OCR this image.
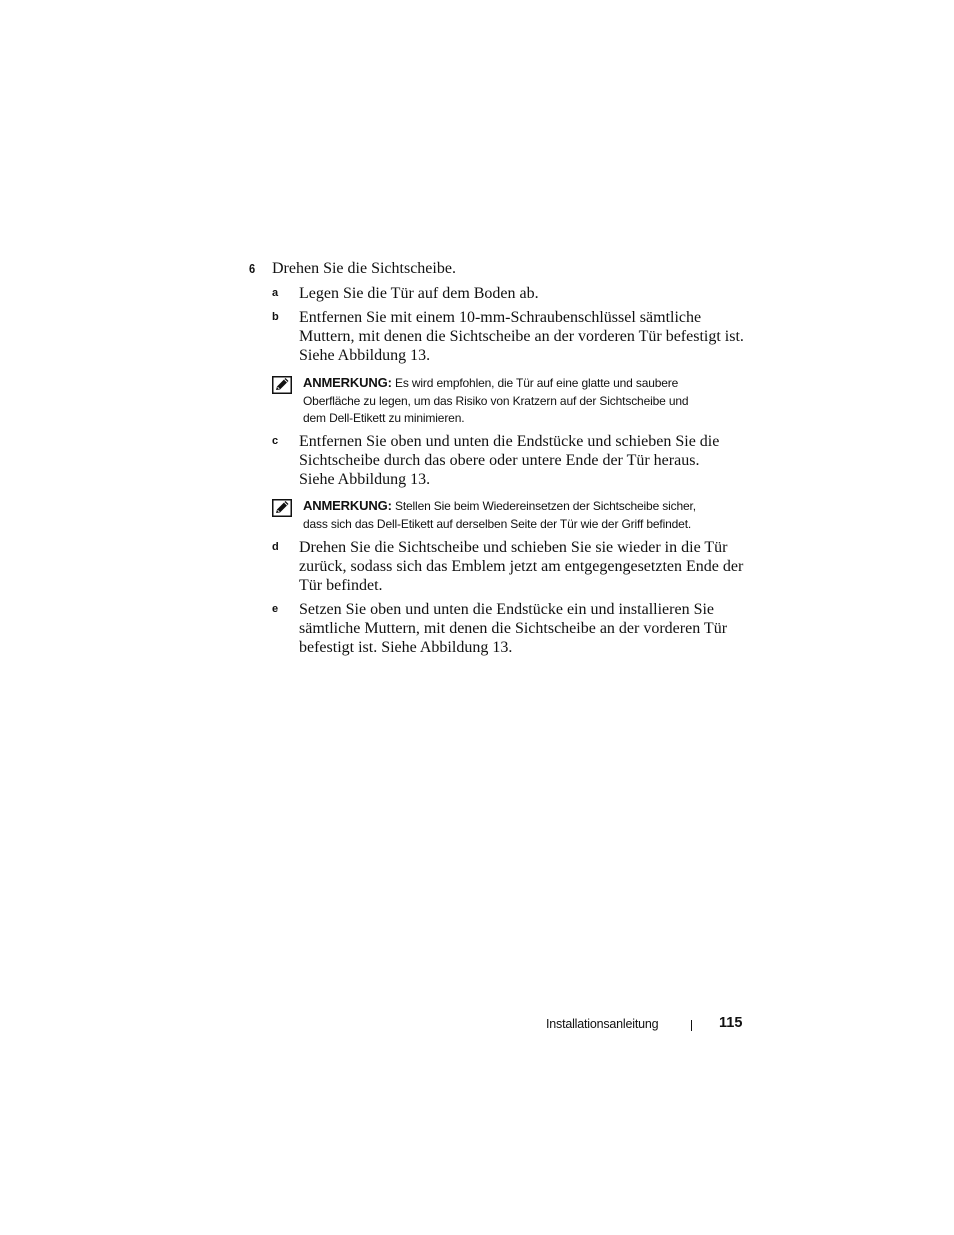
6 Drehen Sie die Sichtscheibe.
a Legen Sie die Tür auf dem Boden ab.
b Entfernen Sie mit einem 10-mm-Schraubenschlüssel sämtliche
Muttern, mit denen die Sichtscheibe an der vorderen Tür befestigt ist.
Siehe Abbildung 13.
ANMERKUNG: Es wird empfohlen, die Tür auf eine glatte und saubere
Oberfläche zu legen, um das Risiko von Kratzern auf der Sichtscheibe und
dem Dell-Etikett zu minimieren.
c Entfernen Sie oben und unten die Endstücke und schieben Sie die
Sichtscheibe durch das obere oder untere Ende der Tür heraus.
Siehe Abbildung 13.
ANMERKUNG: Stellen Sie beim Wiedereinsetzen der Sichtscheibe sicher,
dass sich das Dell-Etikett auf derselben Seite der Tür wie der Griff befindet.
d Drehen Sie die Sichtscheibe und schieben Sie sie wieder in die Tür
zurück, sodass sich das Emblem jetzt am entgegengesetzten Ende der
Tür befindet.
e Setzen Sie oben und unten die Endstücke ein und installieren Sie
sämtliche Muttern, mit denen die Sichtscheibe an der vorderen Tür
befestigt ist. Siehe Abbildung 13.
Installationsanleitung	115
